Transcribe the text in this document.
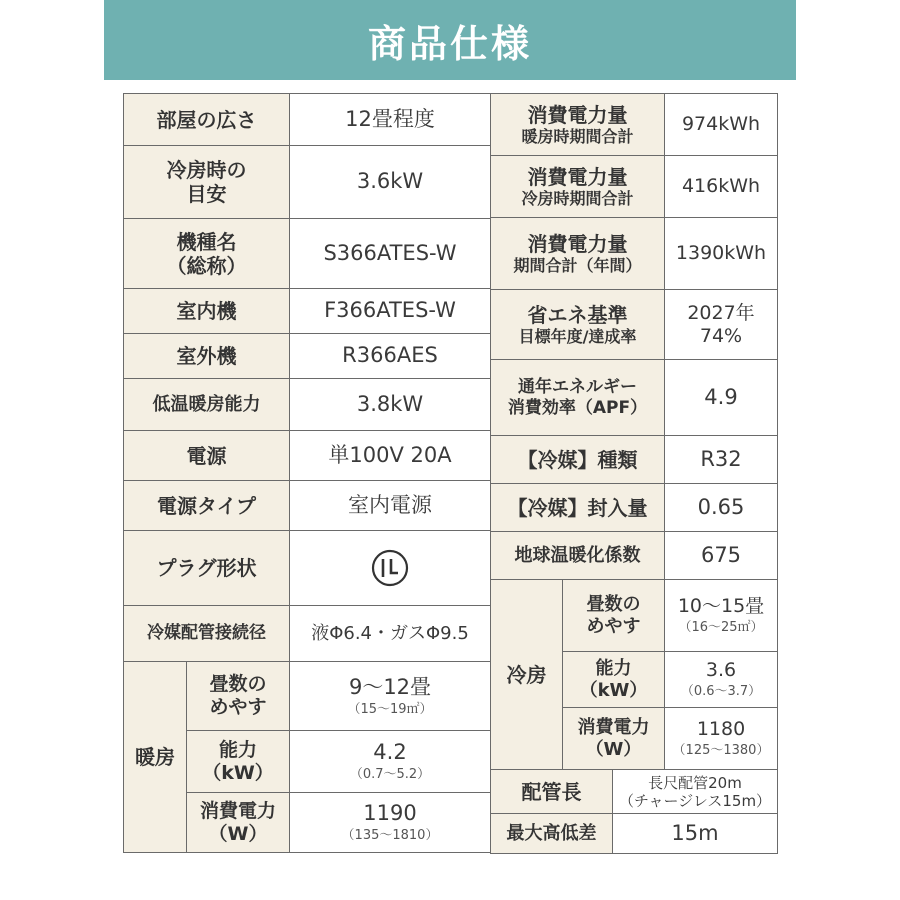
商品仕様
部屋の広さ		12畳程度

冷房時の
目安		3.6kW

機種名
（総称）		S366ATES-W
室内機		F366ATES-W
室外機		R366AES
低温暖房能力		3.8kW
電源		単100V 20A
電源タイプ		室内電源
プラグ形状	
冷媒配管接続径		液Φ6.4・ガスΦ9.5
暖房	畳数の
めやす	9〜12畳
（15〜19㎡）

	能力
（kW）	4.2
（0.7〜5.2）

	消費電力
（W）	1190
（135〜1810）
消費電力量
暖房時期間合計			974kWh

消費電力量
冷房時期間合計			416kWh

消費電力量
期間合計（年間）			1390kWh

省エネ基準
目標年度/達成率			2027年
74%

通年エネルギー
消費効率（APF）			4.9
【冷媒】種類			R32
【冷媒】封入量			0.65
地球温暖化係数			675
冷房	畳数の
めやす		10〜15畳
（16〜25㎡）

	能力
（kW）		3.6
（0.6〜3.7）

	消費電力
（W）		1180
（125〜1380）

配管長		長尺配管20m
（チャージレス15m）	

最大高低差		15m	
